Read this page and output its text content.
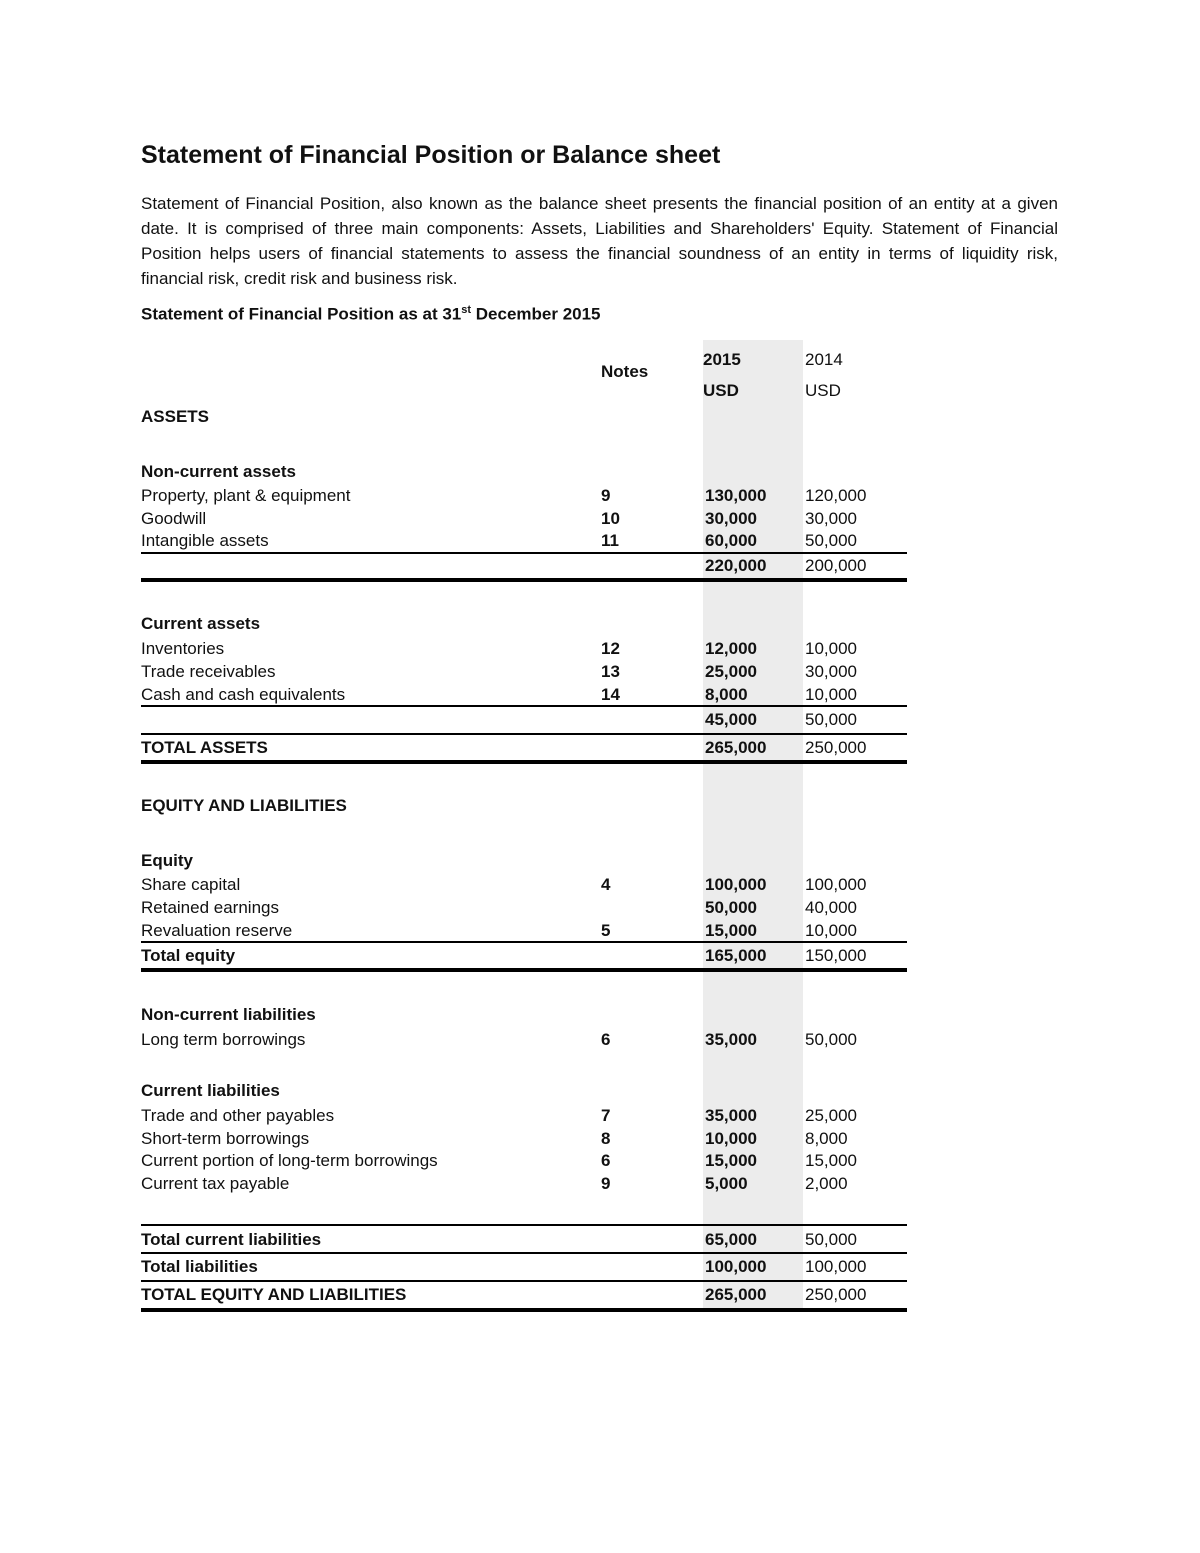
Statement of Financial Position or Balance sheet

Statement of Financial Position, also known as the balance sheet presents the financial position of an entity at a given date. It is comprised of three main components: Assets, Liabilities and Shareholders' Equity. Statement of Financial Position helps users of financial statements to assess the financial soundness of an entity in terms of liquidity risk, financial risk, credit risk and business risk.

Statement of Financial Position as at 31st December 2015
Notes
2015	2014
USD	USD
ASSETS
Non-current assets
Property, plant & equipment	9	130,000 120,000
Goodwill	10	30,000	30,000
Intangible assets	11	60,000	50,000
220,000 200,000
Current assets
Inventories	12	12,000	10,000
Trade receivables	13	25,000	30,000
Cash and cash equivalents	14	8,000	10,000
45,000	50,000
TOTAL ASSETS	265,000 250,000
EQUITY AND LIABILITIES
Equity
Share capital	4	100,000 100,000
Retained earnings	50,000	40,000
Revaluation reserve	5	15,000	10,000
Total equity	165,000 150,000
Non-current liabilities
Long term borrowings	6	35,000	50,000
Current liabilities
Trade and other payables	7	35,000	25,000
Short-term borrowings	8	10,000	8,000
Current portion of long-term borrowings	6	15,000	15,000
Current tax payable	9	5,000	2,000
Total current liabilities	65,000	50,000
Total liabilities	100,000 100,000
TOTAL EQUITY AND LIABILITIES	265,000 250,000
